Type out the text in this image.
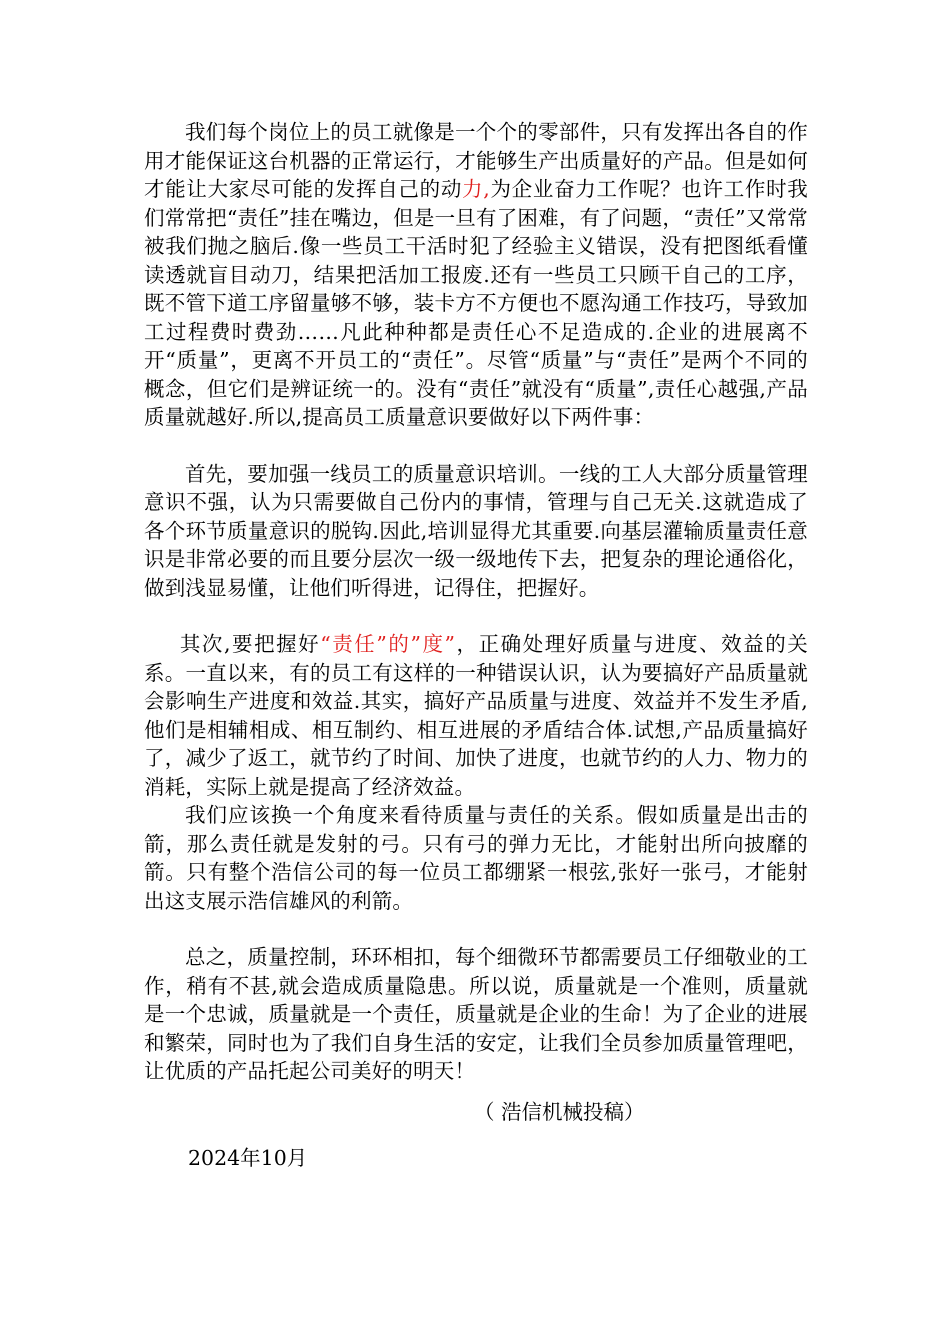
我们每个岗位上的员工就像是一个个的零部件，只有发挥出各自的作用才能保证这台机器的正常运行，才能够生产出质量好的产品。但是如何才能让大家尽可能的发挥自己的动力,为企业奋力工作呢？也许工作时我们常常把“责任”挂在嘴边，但是一旦有了困难，有了问题，“责任”又常常被我们抛之脑后.像一些员工干活时犯了经验主义错误，没有把图纸看懂读透就盲目动刀，结果把活加工报废.还有一些员工只顾干自己的工序，既不管下道工序留量够不够，装卡方不方便也不愿沟通工作技巧，导致加工过程费时费劲……凡此种种都是责任心不足造成的.企业的进展离不开“质量”，更离不开员工的“责任”。尽管“质量”与“责任”是两个不同的概念，但它们是辨证统一的。没有“责任”就没有“质量”,责任心越强,产品质量就越好.所以,提高员工质量意识要做好以下两件事：

首先，要加强一线员工的质量意识培训。一线的工人大部分质量管理意识不强，认为只需要做自己份内的事情，管理与自己无关.这就造成了各个环节质量意识的脱钩.因此,培训显得尤其重要.向基层灌输质量责任意识是非常必要的而且要分层次一级一级地传下去，把复杂的理论通俗化，做到浅显易懂，让他们听得进，记得住，把握好。

其次,要把握好“责任”的”度”，正确处理好质量与进度、效益的关系。一直以来，有的员工有这样的一种错误认识，认为要搞好产品质量就会影响生产进度和效益.其实，搞好产品质量与进度、效益并不发生矛盾,他们是相辅相成、相互制约、相互进展的矛盾结合体.试想,产品质量搞好了，减少了返工，就节约了时间、加快了进度，也就节约的人力、物力的消耗，实际上就是提高了经济效益。

我们应该换一个角度来看待质量与责任的关系。假如质量是出击的箭，那么责任就是发射的弓。只有弓的弹力无比，才能射出所向披靡的箭。只有整个浩信公司的每一位员工都绷紧一根弦,张好一张弓，才能射出这支展示浩信雄风的利箭。

总之，质量控制，环环相扣，每个细微环节都需要员工仔细敬业的工作，稍有不甚,就会造成质量隐患。所以说，质量就是一个准则，质量就是一个忠诚，质量就是一个责任，质量就是企业的生命！为了企业的进展和繁荣，同时也为了我们自身生活的安定，让我们全员参加质量管理吧，让优质的产品托起公司美好的明天！

（ 浩信机械投稿）

2024年10月
